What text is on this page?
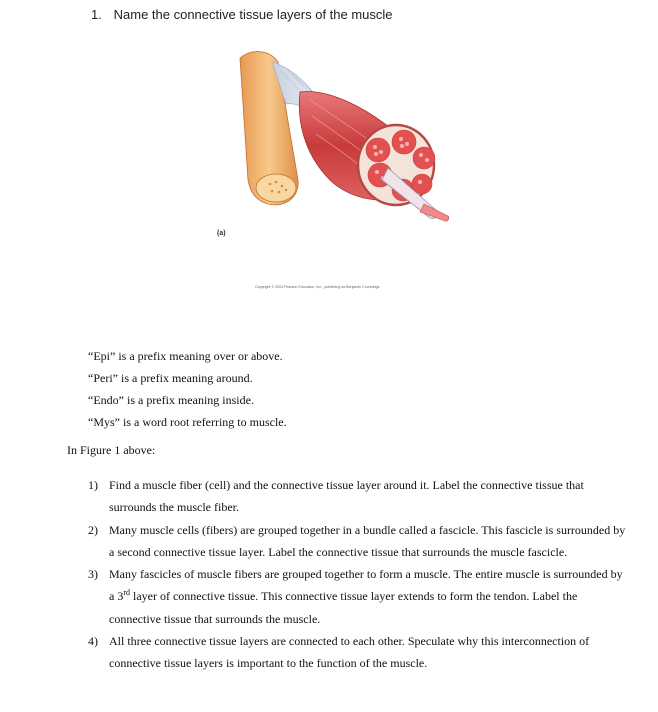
1. Name the connective tissue layers of the muscle
(a)
Copyright © 2004 Pearson Education, Inc., publishing as Benjamin Cummings.
“Epi” is a prefix meaning over or above.
“Peri” is a prefix meaning around.
“Endo” is a prefix meaning inside.
“Mys” is a word root referring to muscle.
In Figure 1 above:
1) Find a muscle fiber (cell) and the connective tissue layer around it. Label the connective tissue that surrounds the muscle fiber.
2) Many muscle cells (fibers) are grouped together in a bundle called a fascicle. This fascicle is surrounded by a second connective tissue layer. Label the connective tissue that surrounds the muscle fascicle.
3) Many fascicles of muscle fibers are grouped together to form a muscle. The entire muscle is surrounded by a 3rd layer of connective tissue. This connective tissue layer extends to form the tendon. Label the connective tissue that surrounds the muscle.
4) All three connective tissue layers are connected to each other. Speculate why this interconnection of connective tissue layers is important to the function of the muscle.
